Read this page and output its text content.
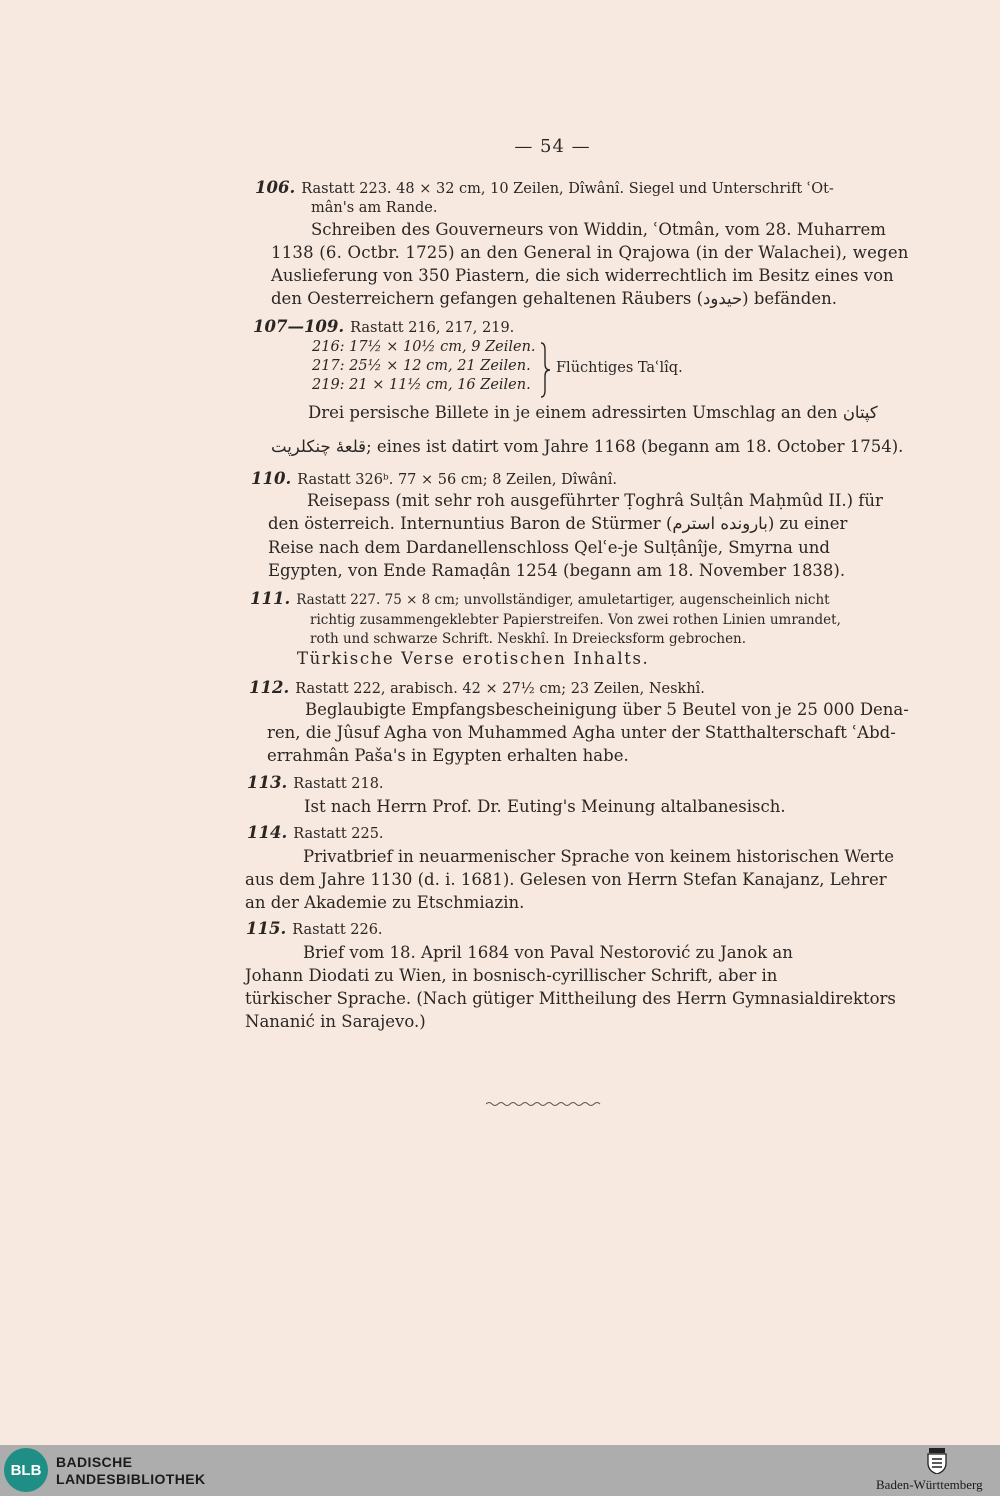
— 54 —
106. Rastatt 223. 48 ⨯ 32 cm, 10 Zeilen, Dîwânî. Siegel und Unterschrift ʿOt-
mân's am Rande.
Schreiben des Gouverneurs von Widdin, ʿOtmân, vom 28. Muharrem
1138 (6. Octbr. 1725) an den General in Qrajowa (in der Walachei), wegen
Auslieferung von 350 Piastern, die sich widerrechtlich im Besitz eines von
den Oesterreichern gefangen gehaltenen Räubers (حیدود) befänden.
107—109. Rastatt 216, 217, 219.
216: 17½ ⨯ 10½ cm, 9 Zeilen.
217: 25½ ⨯ 12 cm, 21 Zeilen.
219: 21 ⨯ 11½ cm, 16 Zeilen.
Flüchtiges Taʿlîq.
Drei persische Billete in je einem adressirten Umschlag an den کپتان
قلعهٔ چنکلرپت; eines ist datirt vom Jahre 1168 (begann am 18. October 1754).
110. Rastatt 326ᵇ. 77 ⨯ 56 cm; 8 Zeilen, Dîwânî.
Reisepass (mit sehr roh ausgeführter Ṭoghrâ Sulṭân Maḥmûd II.) für
den österreich. Internuntius Baron de Stürmer (بارونده استرم) zu einer
Reise nach dem Dardanellenschloss Qelʿe-je Sulṭânîje, Smyrna und
Egypten, von Ende Ramaḍân 1254 (begann am 18. November 1838).
111. Rastatt 227. 75 ⨯ 8 cm; unvollständiger, amuletartiger, augenscheinlich nicht
richtig zusammengeklebter Papierstreifen. Von zwei rothen Linien umrandet,
roth und schwarze Schrift. Neskhî. In Dreiecksform gebrochen.
Türkische Verse erotischen Inhalts.
112. Rastatt 222, arabisch. 42 ⨯ 27½ cm; 23 Zeilen, Neskhî.
Beglaubigte Empfangsbescheinigung über 5 Beutel von je 25 000 Dena-
ren, die Jûsuf Agha von Muhammed Agha unter der Statthalterschaft ʿAbd-
errahmân Paša's in Egypten erhalten habe.
113. Rastatt 218.
Ist nach Herrn Prof. Dr. Euting's Meinung altalbanesisch.
114. Rastatt 225.
Privatbrief in neuarmenischer Sprache von keinem historischen Werte
aus dem Jahre 1130 (d. i. 1681). Gelesen von Herrn Stefan Kanajanz, Lehrer
an der Akademie zu Etschmiazin.
115. Rastatt 226.
Brief vom 18. April 1684 von Paval Nestorović zu Janok an
Johann Diodati zu Wien, in bosnisch-cyrillischer Schrift, aber in
türkischer Sprache. (Nach gütiger Mittheilung des Herrn Gymnasialdirektors
Nananić in Sarajevo.)
BLB	BADISCHE
LANDESBIBLIOTHEK	Baden-Württemberg
